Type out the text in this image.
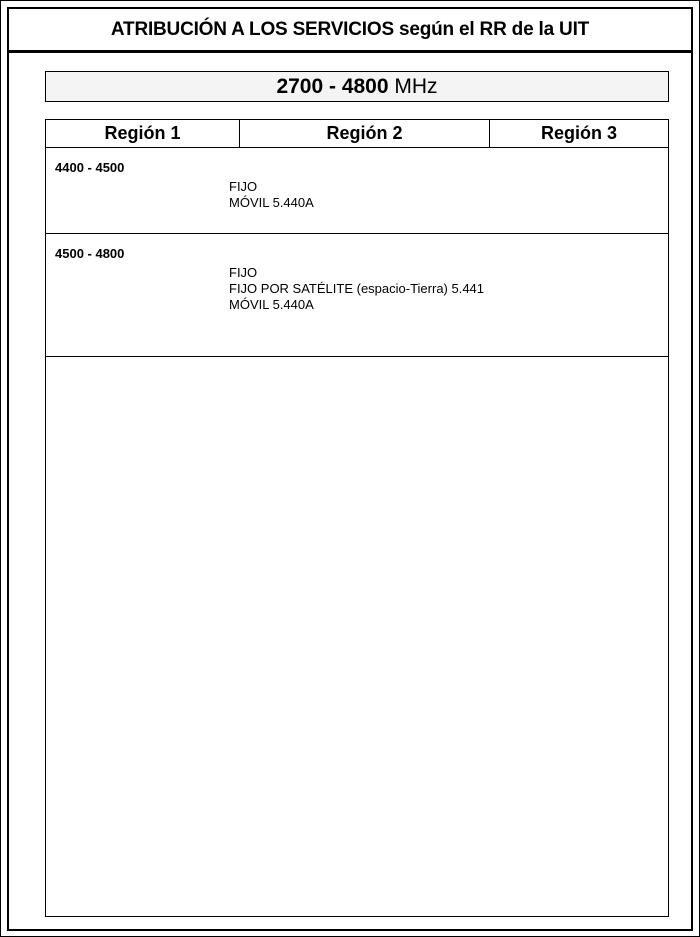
ATRIBUCIÓN A LOS SERVICIOS según el RR de la UIT
2700 - 4800 MHz
Región 1	Región 2	Región 3
4400 - 4500
FIJO
MÓVIL 5.440A
4500 - 4800
FIJO
FIJO POR SATÉLITE (espacio-Tierra) 5.441
MÓVIL 5.440A
